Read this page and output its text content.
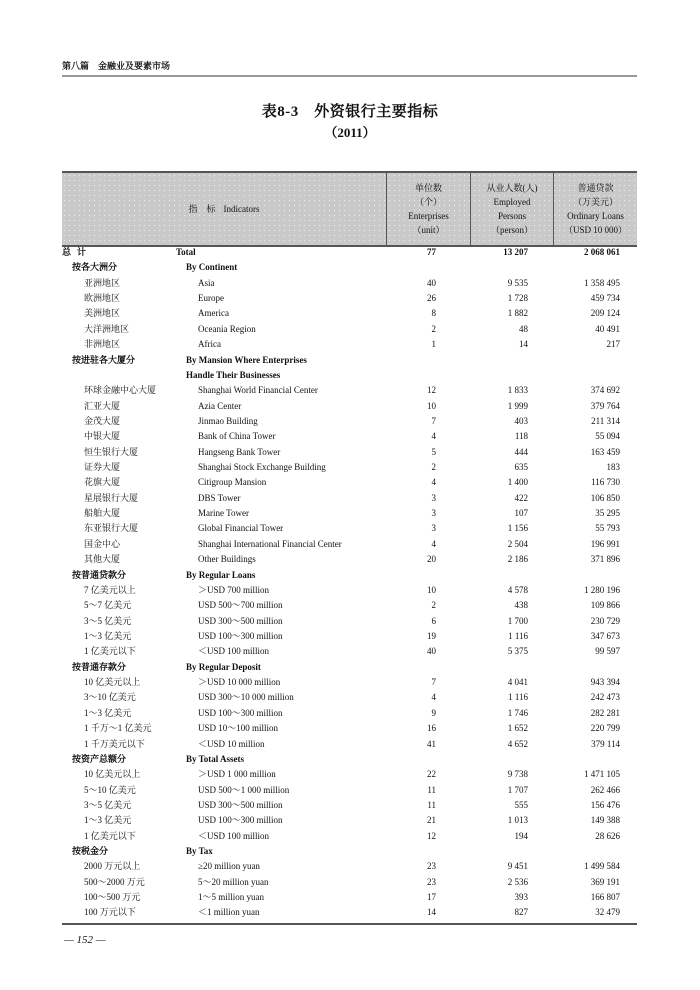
第八篇　金融业及要素市场
表8-3　外资银行主要指标
（2011）
指　标 Indicators
单位数
（个）
Enterprises
（unit）
从业人数(人)
Employed
Persons
（person）
普通贷款
（万美元）
Ordinary Loans
（USD 10 000）
总计	Total	77	13 207	2 068 061
按各大洲分	By Continent
亚洲地区	Asia	40	9 535	1 358 495
欧洲地区	Europe	26	1 728	459 734
美洲地区	America	8	1 882	209 124
大洋洲地区	Oceania Region	2	48	40 491
非洲地区	Africa	1	14	217
按进驻各大厦分	By Mansion Where Enterprises
Handle Their Businesses
环球金融中心大厦	Shanghai World Financial Center	12	1 833	374 692
汇亚大厦	Azia Center	10	1 999	379 764
金茂大厦	Jinmao Building	7	403	211 314
中银大厦	Bank of China Tower	4	118	55 094
恒生银行大厦	Hangseng Bank Tower	5	444	163 459
证券大厦	Shanghai Stock Exchange Building	2	635	183
花旗大厦	Citigroup Mansion	4	1 400	116 730
星展银行大厦	DBS Tower	3	422	106 850
船舶大厦	Marine Tower	3	107	35 295
东亚银行大厦	Global Financial Tower	3	1 156	55 793
国金中心	Shanghai International Financial Center	4	2 504	196 991
其他大厦	Other Buildings	20	2 186	371 896
按普通贷款分	By Regular Loans
7 亿美元以上	＞USD 700 million	10	4 578	1 280 196
5～7 亿美元	USD 500～700 million	2	438	109 866
3～5 亿美元	USD 300～500 million	6	1 700	230 729
1～3 亿美元	USD 100～300 million	19	1 116	347 673
1 亿美元以下	＜USD 100 million	40	5 375	99 597
按普通存款分	By Regular Deposit
10 亿美元以上	＞USD 10 000 million	7	4 041	943 394
3～10 亿美元	USD 300～10 000 million	4	1 116	242 473
1～3 亿美元	USD 100～300 million	9	1 746	282 281
1 千万～1 亿美元	USD 10～100 million	16	1 652	220 799
1 千万美元以下	＜USD 10 million	41	4 652	379 114
按资产总额分	By Total Assets
10 亿美元以上	＞USD 1 000 million	22	9 738	1 471 105
5～10 亿美元	USD 500～1 000 million	11	1 707	262 466
3～5 亿美元	USD 300～500 million	11	555	156 476
1～3 亿美元	USD 100～300 million	21	1 013	149 388
1 亿美元以下	＜USD 100 million	12	194	28 626
按税金分	By Tax
2000 万元以上	≥20 million yuan	23	9 451	1 499 584
500～2000 万元	5～20 million yuan	23	2 536	369 191
100～500 万元	1～5 million yuan	17	393	166 807
100 万元以下	＜1 million yuan	14	827	32 479
— 152 —
